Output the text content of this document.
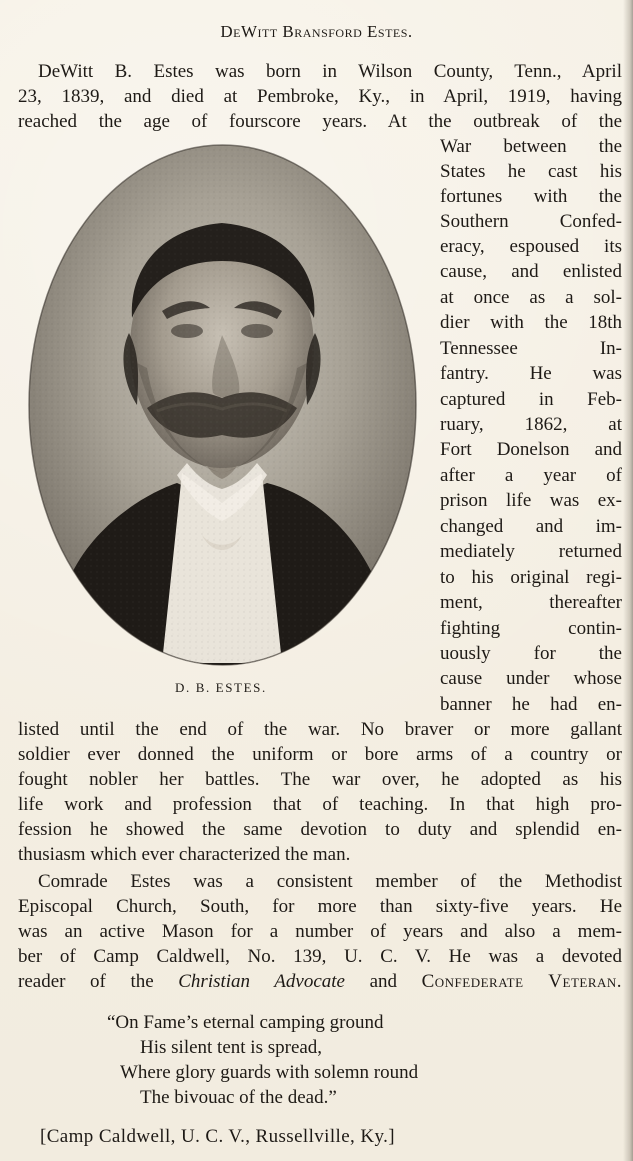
DeWitt Bransford Estes.

DeWitt B. Estes was born in Wilson County, Tenn., April

23, 1839, and died at Pembroke, Ky., in April, 1919, having

reached the age of fourscore years. At the outbreak of the

D. B. ESTES.

War between the

States he cast his

fortunes with the

Southern Confed-

eracy, espoused its

cause, and enlisted

at once as a sol-

dier with the 18th

Tennessee In-

fantry. He was

captured in Feb-

ruary, 1862, at

Fort Donelson and

after a year of

prison life was ex-

changed and im-

mediately returned

to his original regi-

ment, thereafter

fighting contin-

uously for the

cause under whose

banner he had en-

listed until the end of the war. No braver or more gallant

soldier ever donned the uniform or bore arms of a country or

fought nobler her battles. The war over, he adopted as his

life work and profession that of teaching. In that high pro-

fession he showed the same devotion to duty and splendid en-

thusiasm which ever characterized the man.

Comrade Estes was a consistent member of the Methodist

Episcopal Church, South, for more than sixty-five years. He

was an active Mason for a number of years and also a mem-

ber of Camp Caldwell, No. 139, U. C. V. He was a devoted

reader of the Christian Advocate and Confederate Veteran.

“On Fame’s eternal camping ground

His silent tent is spread,

Where glory guards with solemn round

The bivouac of the dead.”

[Camp Caldwell, U. C. V., Russellville, Ky.]
